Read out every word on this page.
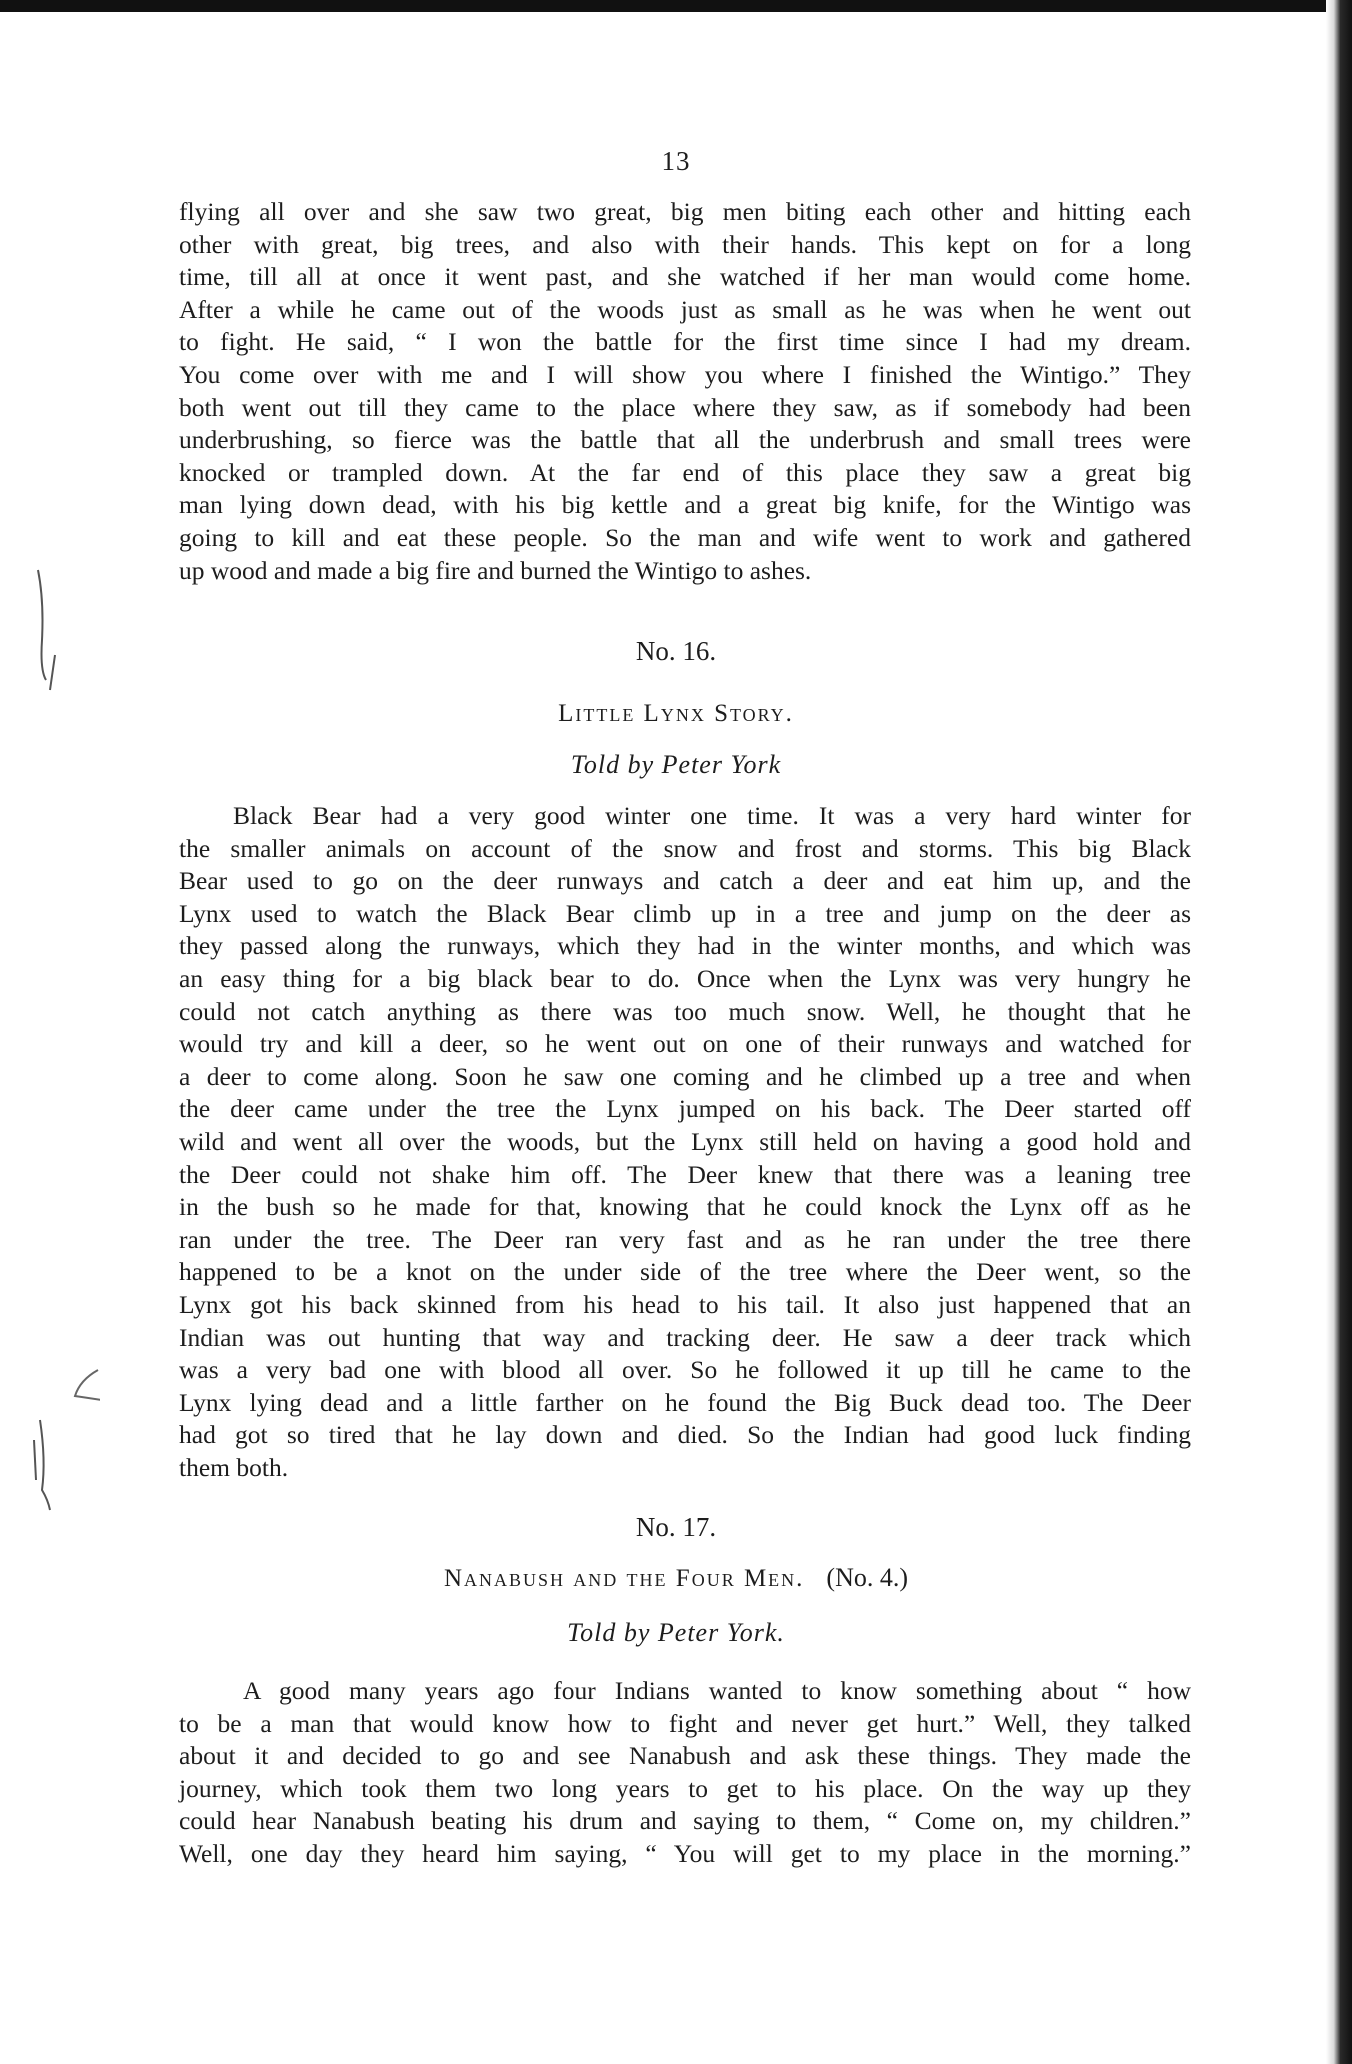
13

flying all over and she saw two great, big men biting each other and hitting each
other with great, big trees, and also with their hands. This kept on for a long
time, till all at once it went past, and she watched if her man would come home.
After a while he came out of the woods just as small as he was when he went out
to fight. He said, “ I won the battle for the first time since I had my dream.
You come over with me and I will show you where I finished the Wintigo.” They
both went out till they came to the place where they saw, as if somebody had been
underbrushing, so fierce was the battle that all the underbrush and small trees were
knocked or trampled down. At the far end of this place they saw a great big
man lying down dead, with his big kettle and a great big knife, for the Wintigo was
going to kill and eat these people. So the man and wife went to work and gathered
up wood and made a big fire and burned the Wintigo to ashes.

No. 16.
Little Lynx Story.
Told by Peter York

Black Bear had a very good winter one time. It was a very hard winter for
the smaller animals on account of the snow and frost and storms. This big Black
Bear used to go on the deer runways and catch a deer and eat him up, and the
Lynx used to watch the Black Bear climb up in a tree and jump on the deer as
they passed along the runways, which they had in the winter months, and which was
an easy thing for a big black bear to do. Once when the Lynx was very hungry he
could not catch anything as there was too much snow. Well, he thought that he
would try and kill a deer, so he went out on one of their runways and watched for
a deer to come along. Soon he saw one coming and he climbed up a tree and when
the deer came under the tree the Lynx jumped on his back. The Deer started off
wild and went all over the woods, but the Lynx still held on having a good hold and
the Deer could not shake him off. The Deer knew that there was a leaning tree
in the bush so he made for that, knowing that he could knock the Lynx off as he
ran under the tree. The Deer ran very fast and as he ran under the tree there
happened to be a knot on the under side of the tree where the Deer went, so the
Lynx got his back skinned from his head to his tail. It also just happened that an
Indian was out hunting that way and tracking deer. He saw a deer track which
was a very bad one with blood all over. So he followed it up till he came to the
Lynx lying dead and a little farther on he found the Big Buck dead too. The Deer
had got so tired that he lay down and died. So the Indian had good luck finding
them both.

No. 17.
Nanabush and the Four Men. (No. 4.)
Told by Peter York.

A good many years ago four Indians wanted to know something about “ how
to be a man that would know how to fight and never get hurt.” Well, they talked
about it and decided to go and see Nanabush and ask these things. They made the
journey, which took them two long years to get to his place. On the way up they
could hear Nanabush beating his drum and saying to them, “ Come on, my children.”
Well, one day they heard him saying, “ You will get to my place in the morning.”
